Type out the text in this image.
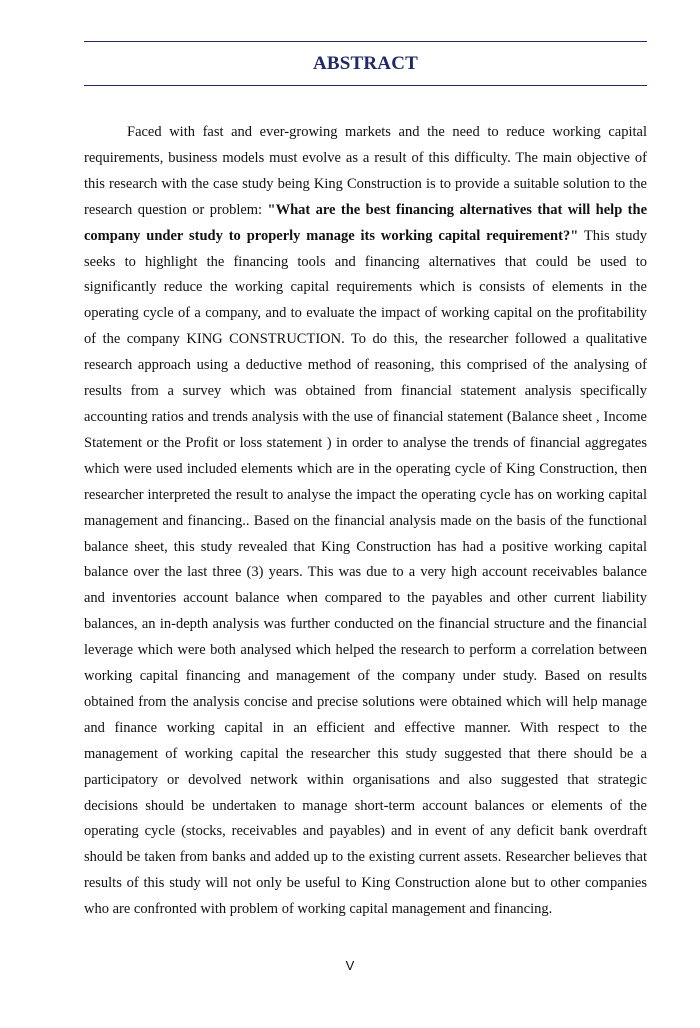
ABSTRACT

Faced with fast and ever-growing markets and the need to reduce working capital requirements, business models must evolve as a result of this difficulty. The main objective of this research with the case study being King Construction is to provide a suitable solution to the research question or problem: "What are the best financing alternatives that will help the company under study to properly manage its working capital requirement?" This study seeks to highlight the financing tools and financing alternatives that could be used to significantly reduce the working capital requirements which is consists of elements in the operating cycle of a company, and to evaluate the impact of working capital on the profitability of the company KING CONSTRUCTION. To do this, the researcher followed a qualitative research approach using a deductive method of reasoning, this comprised of the analysing of results from a survey which was obtained from financial statement analysis specifically accounting ratios and trends analysis with the use of financial statement (Balance sheet , Income Statement or the Profit or loss statement ) in order to analyse the trends of financial aggregates which were used included elements which are in the operating cycle of King Construction, then researcher interpreted the result to analyse the impact the operating cycle has on working capital management and financing.. Based on the financial analysis made on the basis of the functional balance sheet, this study revealed that King Construction has had a positive working capital balance over the last three (3) years. This was due to a very high account receivables balance and inventories account balance when compared to the payables and other current liability balances, an in-depth analysis was further conducted on the financial structure and the financial leverage which were both analysed which helped the research to perform a correlation between working capital financing and management of the company under study. Based on results obtained from the analysis concise and precise solutions were obtained which will help manage and finance working capital in an efficient and effective manner. With respect to the management of working capital the researcher this study suggested that there should be a participatory or devolved network within organisations and also suggested that strategic decisions should be undertaken to manage short-term account balances or elements of the operating cycle (stocks, receivables and payables) and in event of any deficit bank overdraft should be taken from banks and added up to the existing current assets. Researcher believes that results of this study will not only be useful to King Construction alone but to other companies who are confronted with problem of working capital management and financing.

V
